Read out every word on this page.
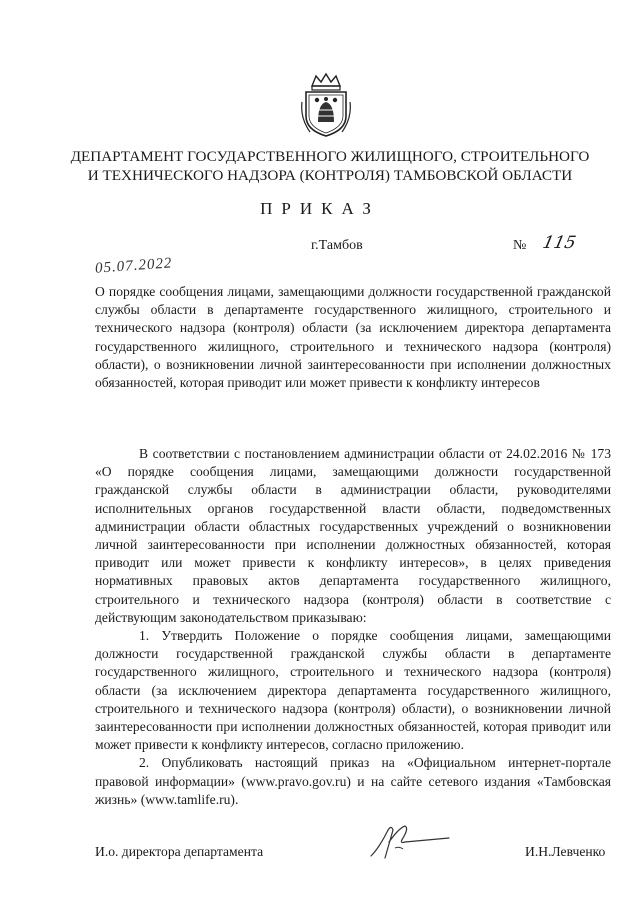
ДЕПАРТАМЕНТ ГОСУДАРСТВЕННОГО ЖИЛИЩНОГО, СТРОИТЕЛЬНОГО
И ТЕХНИЧЕСКОГО НАДЗОРА (КОНТРОЛЯ) ТАМБОВСКОЙ ОБЛАСТИ
ПРИКАЗ
г.Тамбов	№ 115
05.07.2022
О порядке сообщения лицами, замещающими должности государственной гражданской службы области в департаменте государственного жилищного, строительного и технического надзора (контроля) области (за исключением директора департамента государственного жилищного, строительного и технического надзора (контроля) области), о возникновении личной заинтересованности при исполнении должностных обязанностей, которая приводит или может привести к конфликту интересов

В соответствии с постановлением администрации области от 24.02.2016 № 173 «О порядке сообщения лицами, замещающими должности государственной гражданской службы области в администрации области, руководителями исполнительных органов государственной власти области, подведомственных администрации области областных государственных учреждений о возникновении личной заинтересованности при исполнении должностных обязанностей, которая приводит или может привести к конфликту интересов», в целях приведения нормативных правовых актов департамента государственного жилищного, строительного и технического надзора (контроля) области в соответствие с действующим законодательством приказываю:

1. Утвердить Положение о порядке сообщения лицами, замещающими должности государственной гражданской службы области в департаменте государственного жилищного, строительного и технического надзора (контроля) области (за исключением директора департамента государственного жилищного, строительного и технического надзора (контроля) области), о возникновении личной заинтересованности при исполнении должностных обязанностей, которая приводит или может привести к конфликту интересов, согласно приложению.

2. Опубликовать настоящий приказ на «Официальном интернет-портале правовой информации» (www.pravo.gov.ru) и на сайте сетевого издания «Тамбовская жизнь» (www.tamlife.ru).

И.о. директора департамента	И.Н.Левченко
